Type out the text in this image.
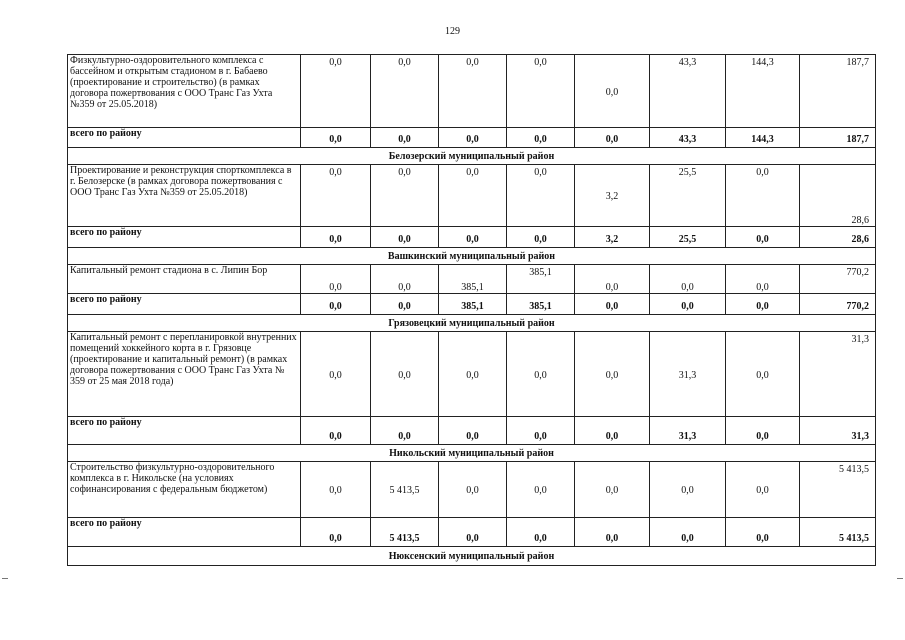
129
Физкультурно-оздоровительного комплекса с бассейном и открытым стадионом в г. Бабаево (проектирование и строительство) (в рамках договора пожертвования с ООО Транс Газ Ухта №359 от 25.05.2018)	0,0	0,0	0,0	0,0	0,0	43,3	144,3	187,7
всего по району	0,0	0,0	0,0	0,0	0,0	43,3	144,3	187,7
Белозерский муниципальный район								
Проектирование и реконструкция спорткомплекса в г. Белозерске (в рамках договора пожертвования с ООО Транс Газ Ухта №359 от 25.05.2018)	0,0	0,0	0,0	0,0	3,2	25,5	0,0	28,6
всего по району	0,0	0,0	0,0	0,0	3,2	25,5	0,0	28,6
Вашкинский муниципальный район								
Капитальный ремонт стадиона в с. Липин Бор	0,0	0,0	385,1	385,1	0,0	0,0	0,0	770,2
всего по району	0,0	0,0	385,1	385,1	0,0	0,0	0,0	770,2
Грязовецкий муниципальный район								
Капитальный ремонт с перепланировкой внутренних помещений хоккейного корта в г. Грязовце (проектирование и капитальный ремонт) (в рамках договора пожертвования с ООО Транс Газ Ухта № 359 от 25 мая 2018 года)	0,0	0,0	0,0	0,0	0,0	31,3	0,0	31,3
всего по району	0,0	0,0	0,0	0,0	0,0	31,3	0,0	31,3
Никольский муниципальный район								
Строительство физкультурно-оздоровительного комплекса в г. Никольске (на условиях софинансирования с федеральным бюджетом)	0,0	5 413,5	0,0	0,0	0,0	0,0	0,0	5 413,5
всего по району	0,0	5 413,5	0,0	0,0	0,0	0,0	0,0	5 413,5
Нюксенский муниципальный район								
